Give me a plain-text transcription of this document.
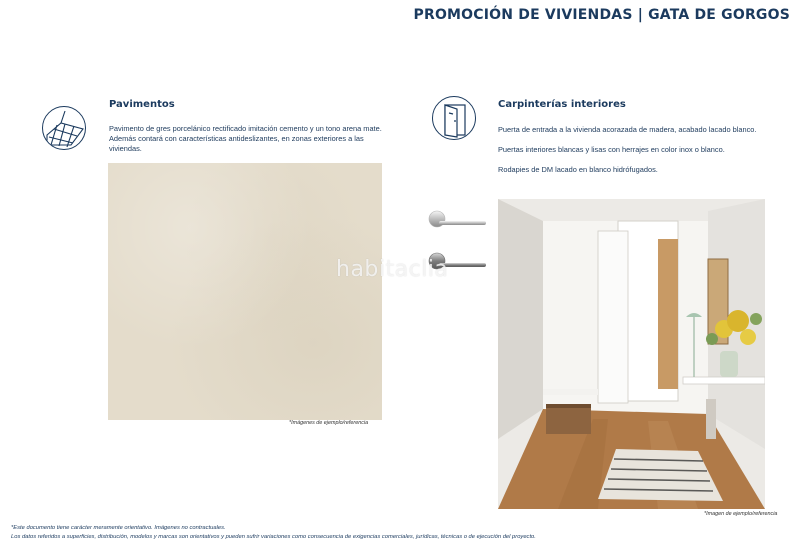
PROMOCIÓN DE VIVIENDAS | GATA DE GORGOS
Pavimentos
Pavimento de gres porcelánico rectificado imitación cemento y un tono arena mate. Además contará con características antideslizantes, en zonas exteriores a las viviendas.
*Imágenes de ejemplo/referencia
habitaclia
Carpinterías interiores
Puerta de entrada a la vivienda acorazada de madera, acabado lacado blanco.
Puertas interiores blancas y lisas con herrajes en color inox o blanco.
Rodapies de DM lacado en blanco hidrófugados.
*Imagen de ejemplo/referencia
*Este documento tiene carácter meramente orientativo. Imágenes no contractuales.
Los datos referidos a superficies, distribución, modelos y marcas son orientativos y pueden sufrir variaciones como consecuencia de exigencias comerciales, jurídicas, técnicas o de ejecución del proyecto.
